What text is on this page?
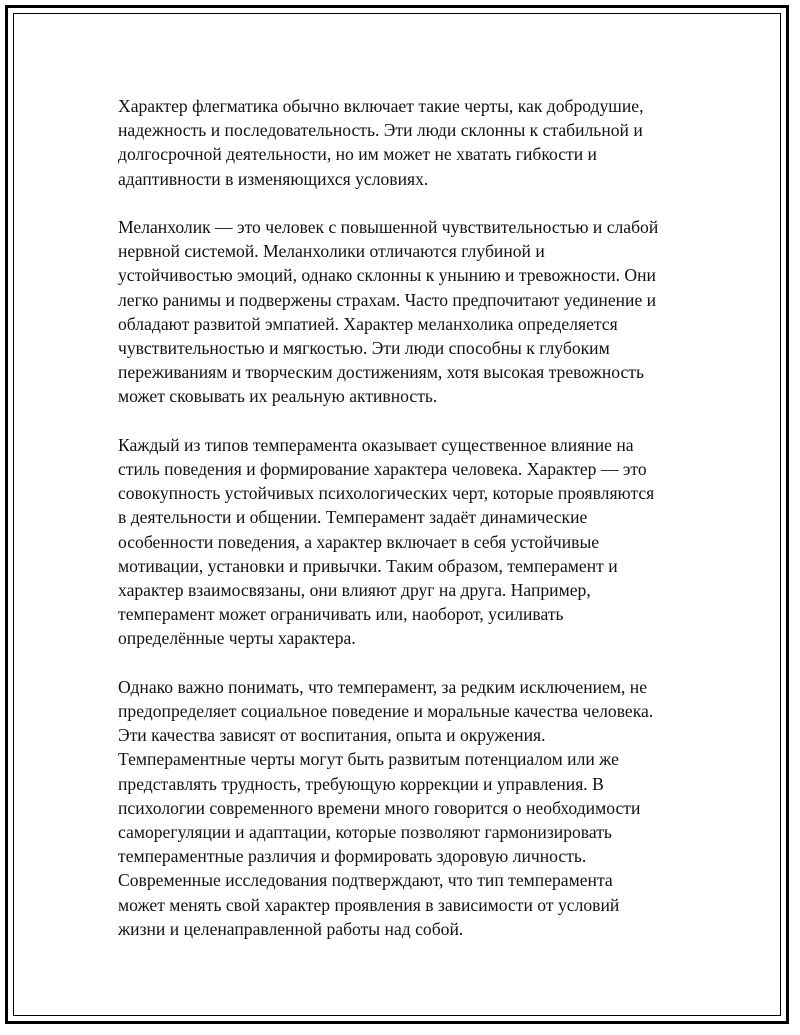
Характер флегматика обычно включает такие черты, как добродушие,
надежность и последовательность. Эти люди склонны к стабильной и
долгосрочной деятельности, но им может не хватать гибкости и
адаптивности в изменяющихся условиях.

Меланхолик — это человек с повышенной чувствительностью и слабой
нервной системой. Меланхолики отличаются глубиной и
устойчивостью эмоций, однако склонны к унынию и тревожности. Они
легко ранимы и подвержены страхам. Часто предпочитают уединение и
обладают развитой эмпатией. Характер меланхолика определяется
чувствительностью и мягкостью. Эти люди способны к глубоким
переживаниям и творческим достижениям, хотя высокая тревожность
может сковывать их реальную активность.

Каждый из типов темперамента оказывает существенное влияние на
стиль поведения и формирование характера человека. Характер — это
совокупность устойчивых психологических черт, которые проявляются
в деятельности и общении. Темперамент задаёт динамические
особенности поведения, а характер включает в себя устойчивые
мотивации, установки и привычки. Таким образом, темперамент и
характер взаимосвязаны, они влияют друг на друга. Например,
темперамент может ограничивать или, наоборот, усиливать
определённые черты характера.

Однако важно понимать, что темперамент, за редким исключением, не
предопределяет социальное поведение и моральные качества человека.
Эти качества зависят от воспитания, опыта и окружения.
Темпераментные черты могут быть развитым потенциалом или же
представлять трудность, требующую коррекции и управления. В
психологии современного времени много говорится о необходимости
саморегуляции и адаптации, которые позволяют гармонизировать
темпераментные различия и формировать здоровую личность.
Современные исследования подтверждают, что тип темперамента
может менять свой характер проявления в зависимости от условий
жизни и целенаправленной работы над собой.
